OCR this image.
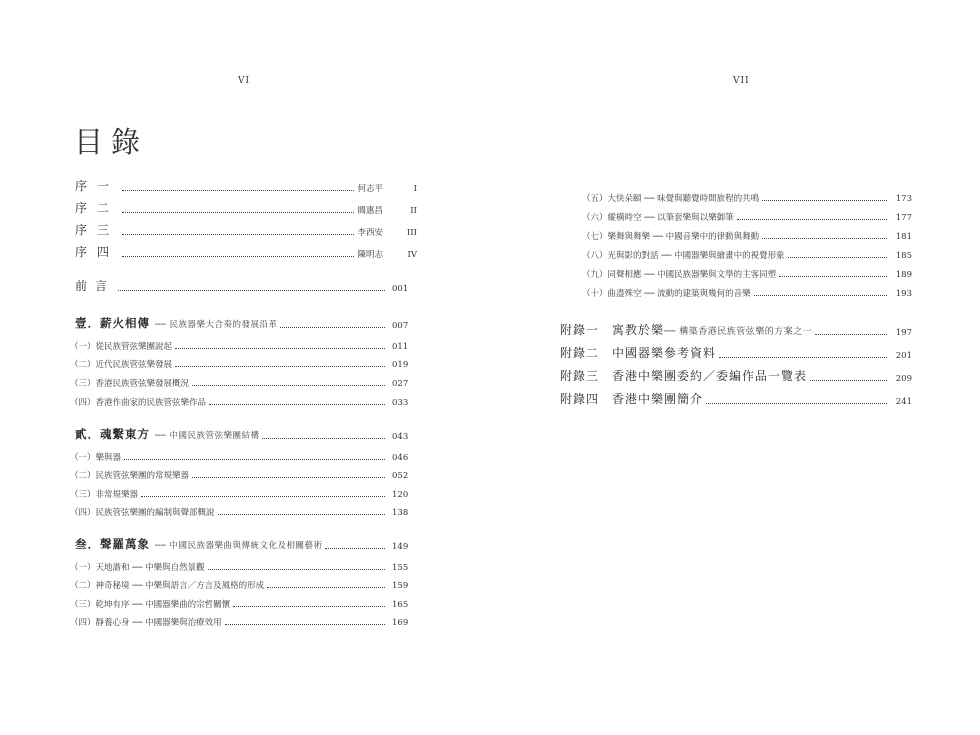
VI
目錄
序一	何志平	I
序二	閻惠昌	II
序三	李西安	III
序四	陳明志	IV
前言	001
壹．薪火相傳 ── 民族器樂大合奏的發展沿革	007
（一）從民族管弦樂團說起	011
（二）近代民族管弦樂發展	019
（三）香港民族管弦樂發展概況	027
（四）香港作曲家的民族管弦樂作品	033
貳．魂繫東方 ── 中國民族管弦樂團結構	043
（一）樂與器	046
（二）民族管弦樂團的常規樂器	052
（三）非常規樂器	120
（四）民族管弦樂團的編制與聲部概說	138
叁．聲羅萬象 ── 中國民族器樂曲與傳統文化及相關藝術	149
（一）天地諧和 ── 中樂與自然景觀	155
（二）神奇秘境 ── 中樂與語言／方言及風格的形成	159
（三）乾坤有序 ── 中國器樂曲的宗哲關懷	165
（四）靜養心身 ── 中國器樂與治療效用	169
VII
（五）大快朵頤 ── 味覺與聽覺時間旅程的共鳴	173
（六）縱橫時空 ── 以筆套樂與以樂御筆	177
（七）樂舞與舞樂 ── 中國音樂中的律動與舞動	181
（八）光與影的對話 ── 中國器樂與繪畫中的視覺形象	185
（九）同聲相應 ── 中國民族器樂與文學的主客同塑	189
（十）曲盡殊空 ── 流動的建築與幾何的音樂	193
附錄一　寓教於樂── 構築香港民族管弦樂的方案之一	197
附錄二　中國器樂參考資料	201
附錄三　香港中樂團委約／委編作品一覽表	209
附錄四　香港中樂團簡介	241
